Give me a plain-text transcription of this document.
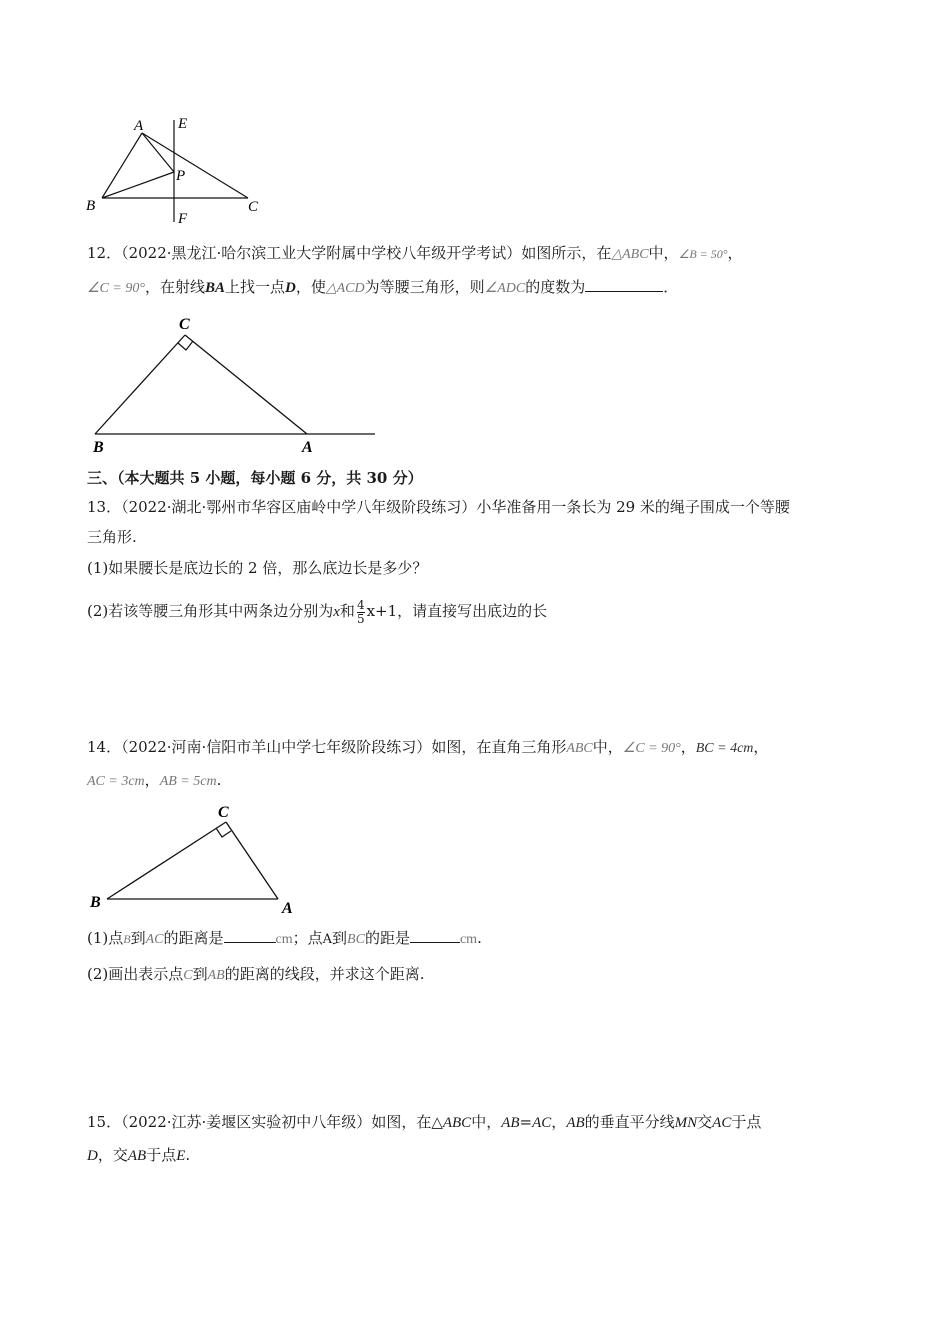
A E
P
B	C
F
12．（2022·黑龙江·哈尔滨工业大学附属中学校八年级开学考试）如图所示，在△ABC中，∠B = 50°，
∠C = 90°，在射线BA上找一点D，使△ACD为等腰三角形，则∠ADC的度数为	．
C
B	A
三、（本大题共 5 小题，每小题 6 分，共 30 分）
13．（2022·湖北·鄂州市华容区庙岭中学八年级阶段练习）小华准备用一条长为 29 米的绳子围成一个等腰
三角形.
(1)如果腰长是底边长的 2 倍，那么底边长是多少？
(2)若该等腰三角形其中两条边分别为x和 $\frac{4}{5} x+1$，请直接写出底边的长
14．（2022·河南·信阳市羊山中学七年级阶段练习）如图，在直角三角形ABC中，∠C = 90°，BC = 4cm，
AC = 3cm，AB = 5cm.
C
B	A
(1)点B到AC的距离是	cm；点A到BC的距是	cm.
(2)画出表示点C到AB的距离的线段，并求这个距离.
15．（2022·江苏·姜堰区实验初中八年级）如图，在△ABC中，AB=AC，AB的垂直平分线MN交AC于点
D，交AB于点E.
